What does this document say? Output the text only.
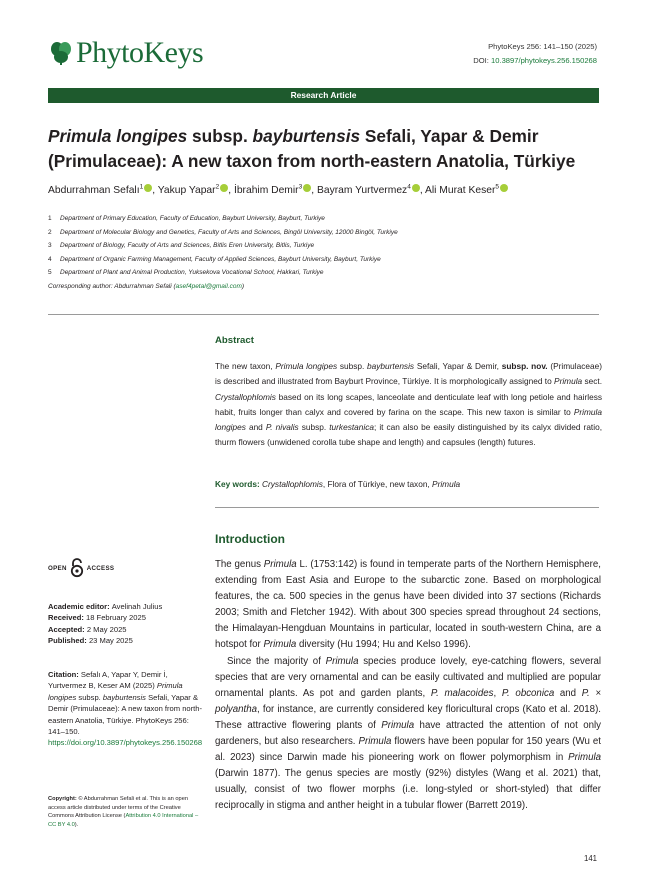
PhytoKeys	PhytoKeys 256: 141–150 (2025)
DOI: 10.3897/phytokeys.256.150268
Research Article
Primula longipes subsp. bayburtensis Sefali, Yapar & Demir (Primulaceae): A new taxon from north-eastern Anatolia, Türkiye
Abdurrahman Sefalı$^1$ , Yakup Yapar$^2$ , İbrahim Demir$^3$ , Bayram Yurtvermez$^4$ , Ali Murat Keser$^5$
1 Department of Primary Education, Faculty of Education, Bayburt University, Bayburt, Turkiye
2 Department of Molecular Biology and Genetics, Faculty of Arts and Sciences, Bingöl University, 12000 Bingöl, Turkiye
3 Department of Biology, Faculty of Arts and Sciences, Bitlis Eren University, Bitlis, Turkiye
4 Department of Organic Farming Management, Faculty of Applied Sciences, Bayburt University, Bayburt, Turkiye
5 Department of Plant and Animal Production, Yuksekova Vocational School, Hakkari, Turkiye
Corresponding author: Abdurrahman Sefali (asef4petal@gmail.com)
Abstract

The new taxon, Primula longipes subsp. bayburtensis Sefali, Yapar & Demir, subsp. nov. (Primulaceae) is described and illustrated from Bayburt Province, Türkiye. It is morphologically assigned to Primula sect. Crystallophlomis based on its long scapes, lanceolate and denticulate leaf with long petiole and hairless habit, fruits longer than calyx and covered by farina on the scape. This new taxon is similar to Primula longipes and P. nivalis subsp. turkestanica; it can also be easily distinguished by its calyx divided ratio, thurm flowers (unwidened corolla tube shape and length) and capsules (length) futures.

Key words: Crystallophlomis, Flora of Türkiye, new taxon, Primula
Introduction

The genus Primula L. (1753:142) is found in temperate parts of the Northern Hemisphere, extending from East Asia and Europe to the subarctic zone. Based on morphological features, the ca. 500 species in the genus have been divided into 37 sections (Richards 2003; Smith and Fletcher 1942). With about 300 species spread throughout 24 sections, the Himalayan-Hengduan Mountains in particular, located in south-western China, are a hotspot for Primula diversity (Hu 1994; Hu and Kelso 1996).

Since the majority of Primula species produce lovely, eye-catching flowers, several species that are very ornamental and can be easily cultivated and multiplied are popular ornamental plants. As pot and garden plants, P. malacoides, P. obconica and P. × polyantha, for instance, are currently considered key floricultural crops (Kato et al. 2018). These attractive flowering plants of Primula have attracted the attention of not only gardeners, but also researchers. Primula flowers have been popular for 150 years (Wu et al. 2023) since Darwin made his pioneering work on flower polymorphism in Primula (Darwin 1877). The genus species are mostly (92%) distyles (Wang et al. 2021) that, usually, consist of two flower morphs (i.e. long-styled or short-styled) that differ reciprocally in stigma and anther height in a tubular flower (Barrett 2019).

OPEN	ACCESS
Academic editor: Avelinah Julius
Received: 18 February 2025
Accepted: 2 May 2025
Published: 23 May 2025
Citation: Sefalı A, Yapar Y, Demir İ, Yurtvermez B, Keser AM (2025) Primula longipes subsp. bayburtensis Sefali, Yapar & Demir (Primulaceae): A new taxon from north-eastern Anatolia, Türkiye. PhytoKeys 256: 141–150. https://doi.org/10.3897/phytokeys.256.150268
Copyright: © Abdurrahman Sefali et al. This is an open access article distributed under terms of the Creative Commons Attribution License (Attribution 4.0 International – CC BY 4.0).
141
